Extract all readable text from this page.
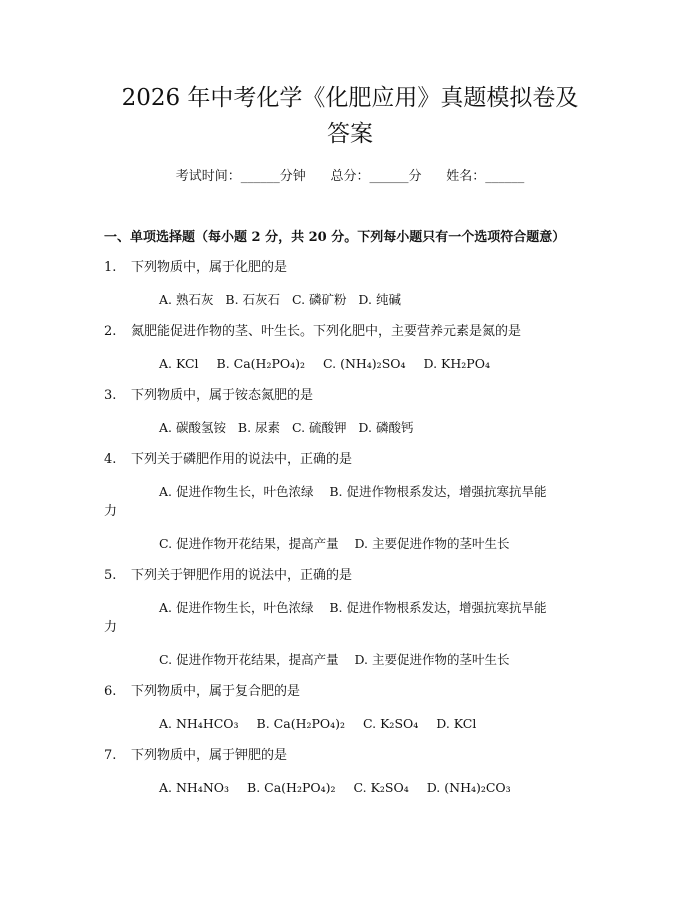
2026 年中考化学《化肥应用》真题模拟卷及
答案
考试时间：______分钟      总分：______分      姓名：______
一、单项选择题（每小题 2 分，共 20 分。下列每小题只有一个选项符合题意）
1. 下列物质中，属于化肥的是
A. 熟石灰   B. 石灰石   C. 磷矿粉   D. 纯碱
2. 氮肥能促进作物的茎、叶生长。下列化肥中，主要营养元素是氮的是
A. KCl B. Ca(H₂PO₄)₂ C. (NH₄)₂SO₄ D. KH₂PO₄
3. 下列物质中，属于铵态氮肥的是
A. 碳酸氢铵   B. 尿素   C. 硫酸钾   D. 磷酸钙
4. 下列关于磷肥作用的说法中，正确的是
A. 促进作物生长，叶色浓绿    B. 促进作物根系发达，增强抗寒抗旱能
力
C. 促进作物开花结果，提高产量    D. 主要促进作物的茎叶生长
5. 下列关于钾肥作用的说法中，正确的是
A. 促进作物生长，叶色浓绿    B. 促进作物根系发达，增强抗寒抗旱能
力
C. 促进作物开花结果，提高产量    D. 主要促进作物的茎叶生长
6. 下列物质中，属于复合肥的是
A. NH₄HCO₃ B. Ca(H₂PO₄)₂ C. K₂SO₄ D. KCl
7. 下列物质中，属于钾肥的是
A. NH₄NO₃ B. Ca(H₂PO₄)₂ C. K₂SO₄ D. (NH₄)₂CO₃
